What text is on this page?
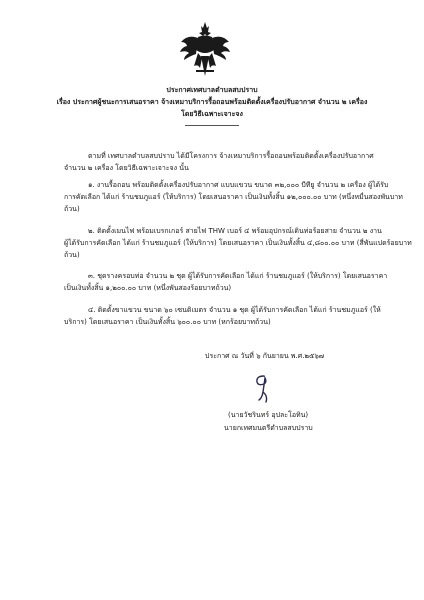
ประกาศเทศบาลตำบลสบปราบ
เรื่อง ประกาศผู้ชนะการเสนอราคา จ้างเหมาบริการรื้อถอนพร้อมติดตั้งเครื่องปรับอากาศ จำนวน ๒ เครื่อง
โดยวิธีเฉพาะเจาะจง
ตามที่ เทศบาลตำบลสบปราบ ได้มีโครงการ จ้างเหมาบริการรื้อถอนพร้อมติดตั้งเครื่องปรับอากาศ
จำนวน ๒ เครื่อง โดยวิธีเฉพาะเจาะจง นั้น
๑. งานรื้อถอน พร้อมติดตั้งเครื่องปรับอากาศ แบบแขวน ขนาด ๓๒,๐๐๐ บีทียู จำนวน ๒ เครื่อง ผู้ได้รับ
การคัดเลือก ได้แก่ ร้านชมภูแอร์ (ให้บริการ) โดยเสนอราคา เป็นเงินทั้งสิ้น ๑๒,๐๐๐.๐๐ บาท (หนึ่งหมื่นสองพันบาท
ถ้วน)
๒. ติดตั้งเมนไฟ พร้อมเบรกเกอร์ สายไฟ THW เบอร์ ๔ พร้อมอุปกรณ์เดินท่อร้อยสาย จำนวน ๒ งาน
ผู้ได้รับการคัดเลือก ได้แก่ ร้านชมภูแอร์ (ให้บริการ) โดยเสนอราคา เป็นเงินทั้งสิ้น ๔,๘๐๐.๐๐ บาท (สี่พันแปดร้อยบาท
ถ้วน)
๓. ชุดรางครอบท่อ จำนวน ๒ ชุด ผู้ได้รับการคัดเลือก ได้แก่ ร้านชมภูแอร์ (ให้บริการ) โดยเสนอราคา
เป็นเงินทั้งสิ้น ๑,๒๐๐.๐๐ บาท (หนึ่งพันสองร้อยบาทถ้วน)
๔. ติดตั้งขาแขวน ขนาด ๖๐ เซนติเมตร จำนวน ๑ ชุด ผู้ได้รับการคัดเลือก ได้แก่ ร้านชมภูแอร์ (ให้
บริการ) โดยเสนอราคา เป็นเงินทั้งสิ้น ๖๐๐.๐๐ บาท (หกร้อยบาทถ้วน)
ประกาศ ณ วันที่ ๖ กันยายน พ.ศ.๒๕๖๗
(นายวัชรินทร์ อุปละโอทิน)
นายกเทศมนตรีตำบลสบปราบ
